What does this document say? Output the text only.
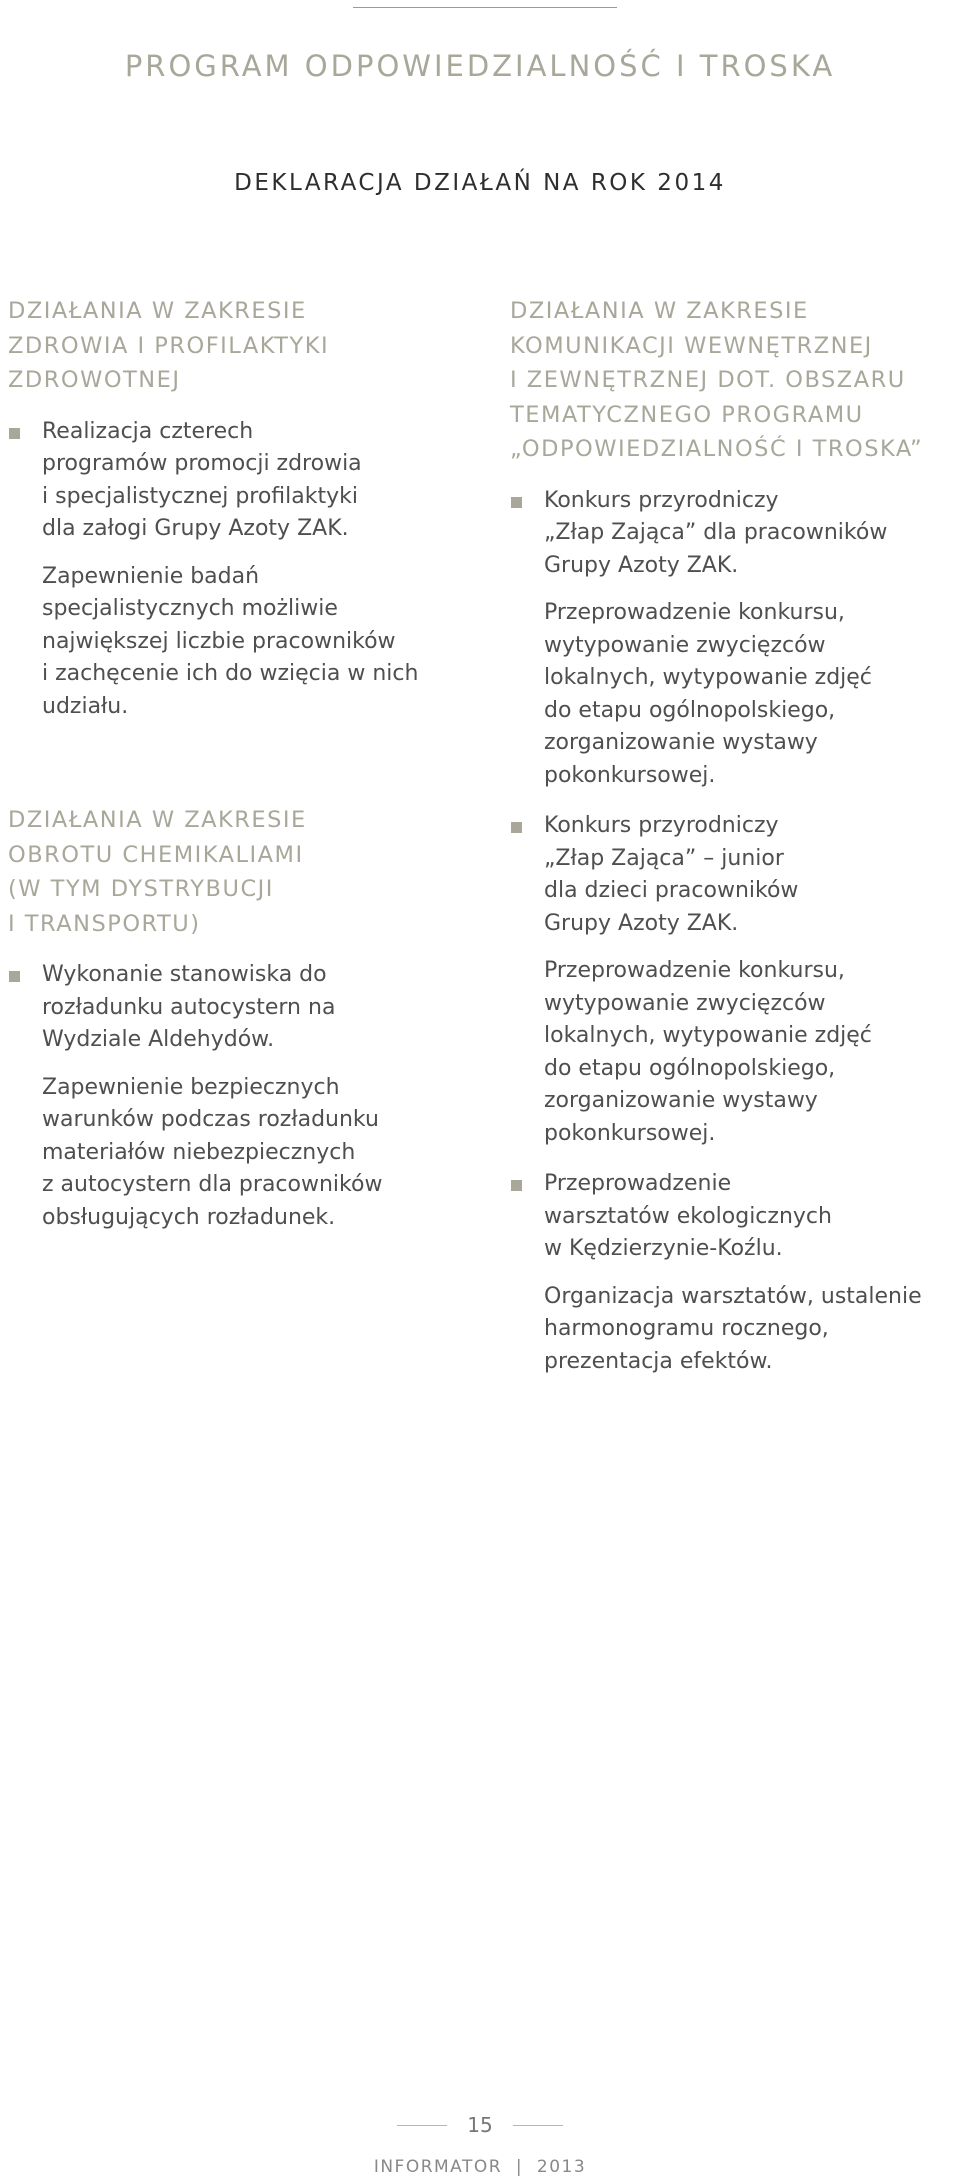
PROGRAM ODPOWIEDZIALNOŚĆ I TROSKA
DEKLARACJA DZIAŁAŃ NA ROK 2014
DZIAŁANIA W ZAKRESIE
ZDROWIA I PROFILAKTYKI
ZDROWOTNEJ

Realizacja czterech
programów promocji zdrowia
i specjalistycznej profilaktyki
dla załogi Grupy Azoty ZAK.

Zapewnienie badań
specjalistycznych możliwie
największej liczbie pracowników
i zachęcenie ich do wzięcia w nich
udziału.

DZIAŁANIA W ZAKRESIE
OBROTU CHEMIKALIAMI
(W TYM DYSTRYBUCJI
I TRANSPORTU)

Wykonanie stanowiska do
rozładunku autocystern na
Wydziale Aldehydów.

Zapewnienie bezpiecznych
warunków podczas rozładunku
materiałów niebezpiecznych
z autocystern dla pracowników
obsługujących rozładunek.

DZIAŁANIA W ZAKRESIE
KOMUNIKACJI WEWNĘTRZNEJ
I ZEWNĘTRZNEJ DOT. OBSZARU
TEMATYCZNEGO PROGRAMU
„ODPOWIEDZIALNOŚĆ I TROSKA”

Konkurs przyrodniczy
„Złap Zająca” dla pracowników
Grupy Azoty ZAK.

Przeprowadzenie konkursu,
wytypowanie zwycięzców
lokalnych, wytypowanie zdjęć
do etapu ogólnopolskiego,
zorganizowanie wystawy
pokonkursowej.

Konkurs przyrodniczy
„Złap Zająca” – junior
dla dzieci pracowników
Grupy Azoty ZAK.

Przeprowadzenie konkursu,
wytypowanie zwycięzców
lokalnych, wytypowanie zdjęć
do etapu ogólnopolskiego,
zorganizowanie wystawy
pokonkursowej.

Przeprowadzenie
warsztatów ekologicznych
w Kędzierzynie-Koźlu.

Organizacja warsztatów, ustalenie
harmonogramu rocznego,
prezentacja efektów.

15
INFORMATOR  |  2013
